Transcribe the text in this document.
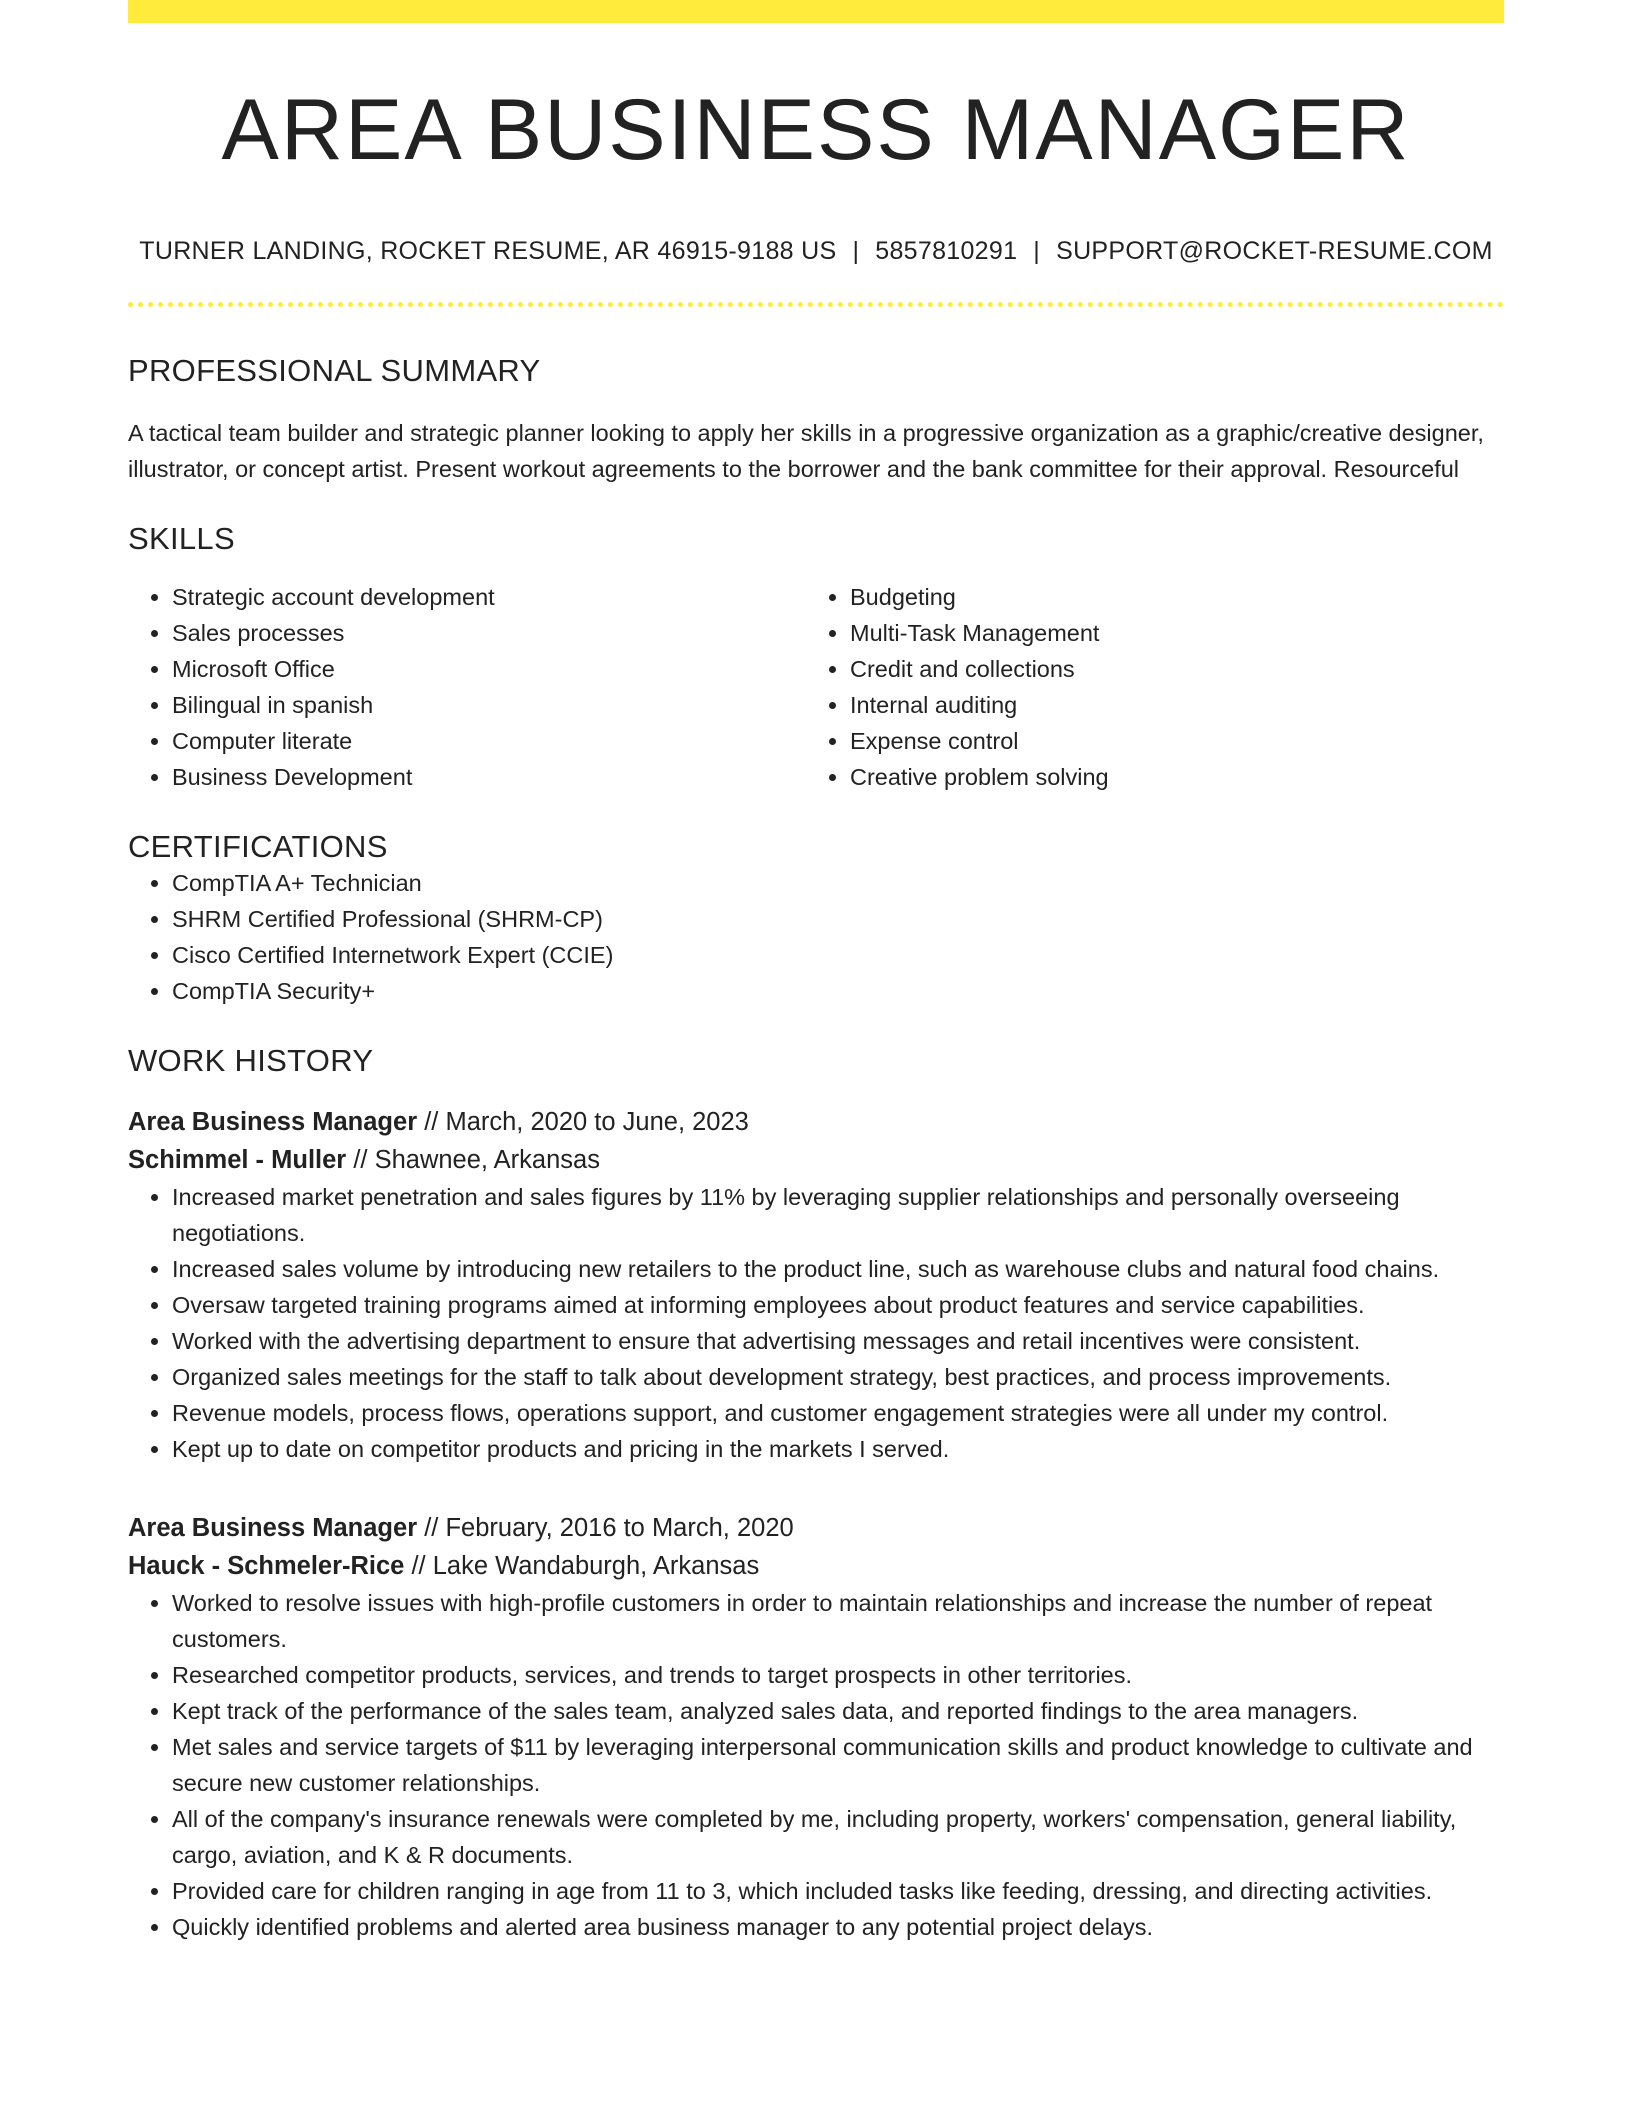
AREA BUSINESS MANAGER
TURNER LANDING, ROCKET RESUME, AR 46915-9188 US | 5857810291 | SUPPORT@ROCKET-RESUME.COM
PROFESSIONAL SUMMARY
A tactical team builder and strategic planner looking to apply her skills in a progressive organization as a graphic/creative designer, illustrator, or concept artist. Present workout agreements to the borrower and the bank committee for their approval. Resourceful
SKILLS
• Strategic account development
• Sales processes
• Microsoft Office
• Bilingual in spanish
• Computer literate
• Business Development
• Budgeting
• Multi-Task Management
• Credit and collections
• Internal auditing
• Expense control
• Creative problem solving
CERTIFICATIONS
• CompTIA A+ Technician
• SHRM Certified Professional (SHRM-CP)
• Cisco Certified Internetwork Expert (CCIE)
• CompTIA Security+
WORK HISTORY
Area Business Manager // March, 2020 to June, 2023
Schimmel - Muller // Shawnee, Arkansas
• Increased market penetration and sales figures by 11% by leveraging supplier relationships and personally overseeing negotiations.
• Increased sales volume by introducing new retailers to the product line, such as warehouse clubs and natural food chains.
• Oversaw targeted training programs aimed at informing employees about product features and service capabilities.
• Worked with the advertising department to ensure that advertising messages and retail incentives were consistent.
• Organized sales meetings for the staff to talk about development strategy, best practices, and process improvements.
• Revenue models, process flows, operations support, and customer engagement strategies were all under my control.
• Kept up to date on competitor products and pricing in the markets I served.
Area Business Manager // February, 2016 to March, 2020
Hauck - Schmeler-Rice // Lake Wandaburgh, Arkansas
• Worked to resolve issues with high-profile customers in order to maintain relationships and increase the number of repeat customers.
• Researched competitor products, services, and trends to target prospects in other territories.
• Kept track of the performance of the sales team, analyzed sales data, and reported findings to the area managers.
• Met sales and service targets of $11 by leveraging interpersonal communication skills and product knowledge to cultivate and secure new customer relationships.
• All of the company's insurance renewals were completed by me, including property, workers' compensation, general liability, cargo, aviation, and K & R documents.
• Provided care for children ranging in age from 11 to 3, which included tasks like feeding, dressing, and directing activities.
• Quickly identified problems and alerted area business manager to any potential project delays.
